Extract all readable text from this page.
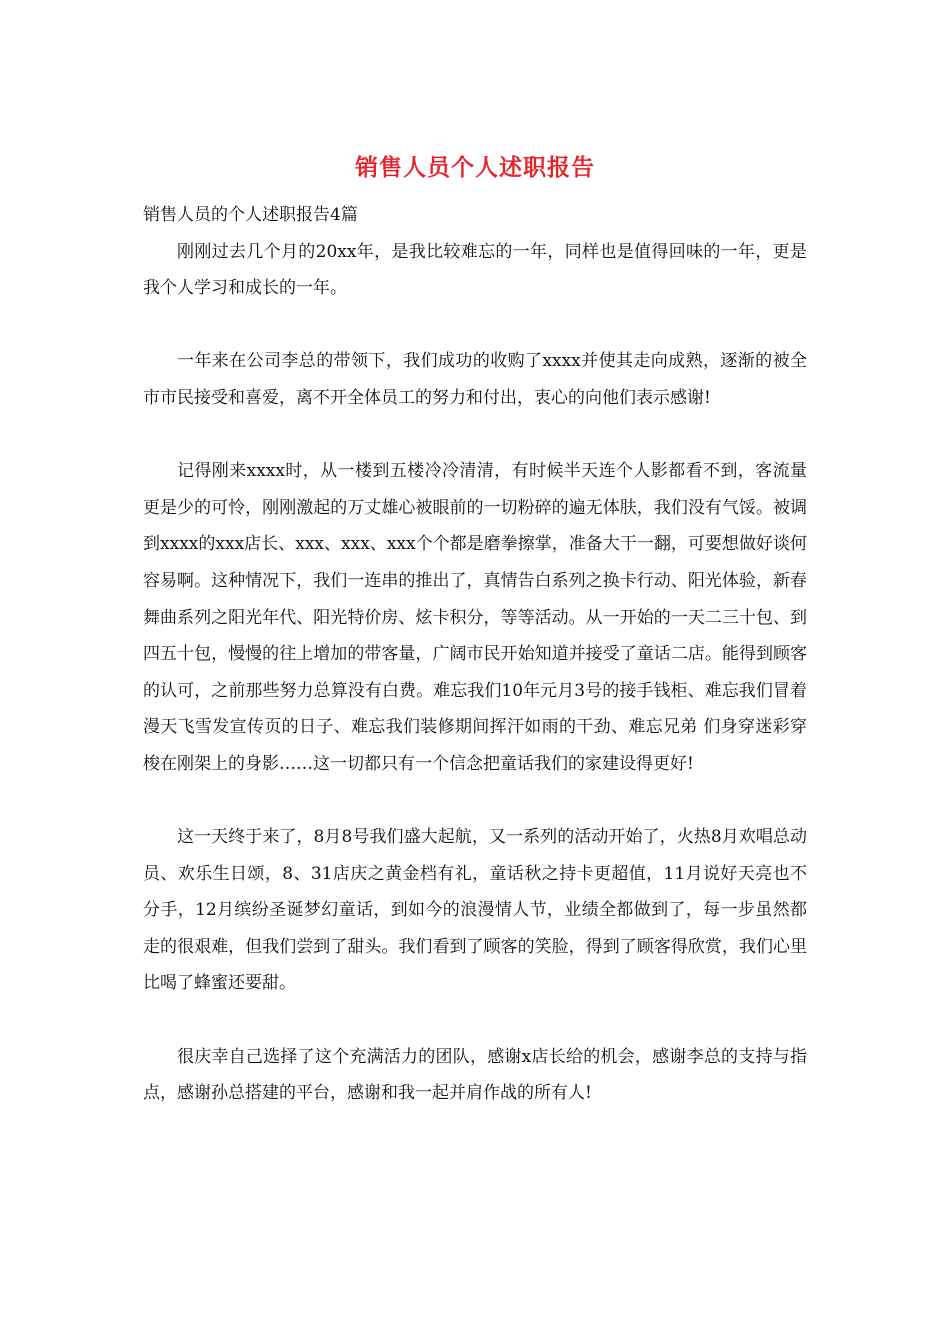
销售人员个人述职报告

销售人员的个人述职报告4篇

刚刚过去几个月的20xx年，是我比较难忘的一年，同样也是值得回味的一年，更是我个人学习和成长的一年。

一年来在公司李总的带领下，我们成功的收购了xxxx并使其走向成熟，逐渐的被全市市民接受和喜爱，离不开全体员工的努力和付出，衷心的向他们表示感谢!

记得刚来xxxx时，从一楼到五楼冷冷清清，有时候半天连个人影都看不到，客流量更是少的可怜，刚刚激起的万丈雄心被眼前的一切粉碎的遍无体肤，我们没有气馁。被调到xxxx的xxx店长、xxx、xxx、xxx个个都是磨拳擦掌，准备大干一翻，可要想做好谈何容易啊。这种情况下，我们一连串的推出了，真情告白系列之换卡行动、阳光体验，新春舞曲系列之阳光年代、阳光特价房、炫卡积分，等等活动。从一开始的一天二三十包、到四五十包，慢慢的往上增加的带客量，广阔市民开始知道并接受了童话二店。能得到顾客的认可，之前那些努力总算没有白费。难忘我们10年元月3号的接手钱柜、难忘我们冒着漫天飞雪发宣传页的日子、难忘我们装修期间挥汗如雨的干劲、难忘兄弟 们身穿迷彩穿梭在刚架上的身影……这一切都只有一个信念把童话我们的家建设得更好!

这一天终于来了，8月8号我们盛大起航，又一系列的活动开始了，火热8月欢唱总动员、欢乐生日颂，8、31店庆之黄金档有礼，童话秋之持卡更超值，11月说好天亮也不分手，12月缤纷圣诞梦幻童话，到如今的浪漫情人节，业绩全都做到了，每一步虽然都走的很艰难，但我们尝到了甜头。我们看到了顾客的笑脸，得到了顾客得欣赏，我们心里比喝了蜂蜜还要甜。

很庆幸自己选择了这个充满活力的团队，感谢x店长给的机会，感谢李总的支持与指点，感谢孙总搭建的平台，感谢和我一起并肩作战的所有人!
